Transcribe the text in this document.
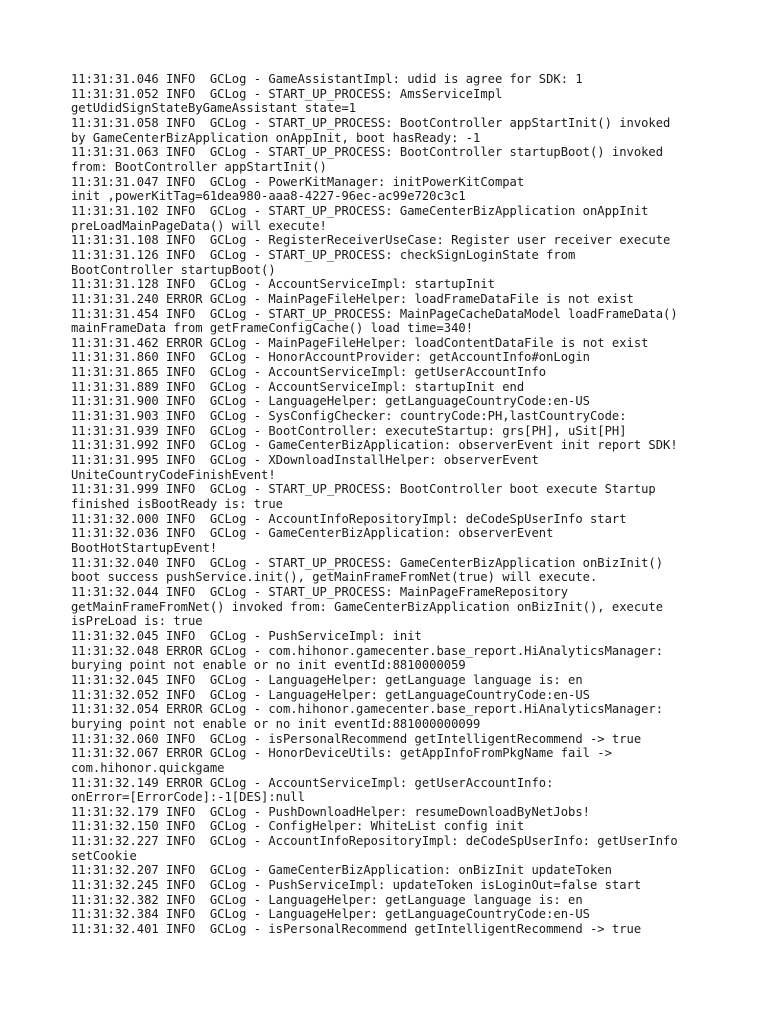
11:31:31.046 INFO  GCLog - GameAssistantImpl: udid is agree for SDK: 1
11:31:31.052 INFO  GCLog - START_UP_PROCESS: AmsServiceImpl
getUdidSignStateByGameAssistant state=1
11:31:31.058 INFO  GCLog - START_UP_PROCESS: BootController appStartInit() invoked
by GameCenterBizApplication onAppInit, boot hasReady: -1
11:31:31.063 INFO  GCLog - START_UP_PROCESS: BootController startupBoot() invoked
from: BootController appStartInit()
11:31:31.047 INFO  GCLog - PowerKitManager: initPowerKitCompat
init ,powerKitTag=61dea980-aaa8-4227-96ec-ac99e720c3c1
11:31:31.102 INFO  GCLog - START_UP_PROCESS: GameCenterBizApplication onAppInit
preLoadMainPageData() will execute!
11:31:31.108 INFO  GCLog - RegisterReceiverUseCase: Register user receiver execute
11:31:31.126 INFO  GCLog - START_UP_PROCESS: checkSignLoginState from
BootController startupBoot()
11:31:31.128 INFO  GCLog - AccountServiceImpl: startupInit
11:31:31.240 ERROR GCLog - MainPageFileHelper: loadFrameDataFile is not exist
11:31:31.454 INFO  GCLog - START_UP_PROCESS: MainPageCacheDataModel loadFrameData()
mainFrameData from getFrameConfigCache() load time=340!
11:31:31.462 ERROR GCLog - MainPageFileHelper: loadContentDataFile is not exist
11:31:31.860 INFO  GCLog - HonorAccountProvider: getAccountInfo#onLogin
11:31:31.865 INFO  GCLog - AccountServiceImpl: getUserAccountInfo
11:31:31.889 INFO  GCLog - AccountServiceImpl: startupInit end
11:31:31.900 INFO  GCLog - LanguageHelper: getLanguageCountryCode:en-US
11:31:31.903 INFO  GCLog - SysConfigChecker: countryCode:PH,lastCountryCode:
11:31:31.939 INFO  GCLog - BootController: executeStartup: grs[PH], uSit[PH]
11:31:31.992 INFO  GCLog - GameCenterBizApplication: observerEvent init report SDK!
11:31:31.995 INFO  GCLog - XDownloadInstallHelper: observerEvent
UniteCountryCodeFinishEvent!
11:31:31.999 INFO  GCLog - START_UP_PROCESS: BootController boot execute Startup
finished isBootReady is: true
11:31:32.000 INFO  GCLog - AccountInfoRepositoryImpl: deCodeSpUserInfo start
11:31:32.036 INFO  GCLog - GameCenterBizApplication: observerEvent
BootHotStartupEvent!
11:31:32.040 INFO  GCLog - START_UP_PROCESS: GameCenterBizApplication onBizInit()
boot success pushService.init(), getMainFrameFromNet(true) will execute.
11:31:32.044 INFO  GCLog - START_UP_PROCESS: MainPageFrameRepository
getMainFrameFromNet() invoked from: GameCenterBizApplication onBizInit(), execute
isPreLoad is: true
11:31:32.045 INFO  GCLog - PushServiceImpl: init
11:31:32.048 ERROR GCLog - com.hihonor.gamecenter.base_report.HiAnalyticsManager:
burying point not enable or no init eventId:8810000059
11:31:32.045 INFO  GCLog - LanguageHelper: getLanguage language is: en
11:31:32.052 INFO  GCLog - LanguageHelper: getLanguageCountryCode:en-US
11:31:32.054 ERROR GCLog - com.hihonor.gamecenter.base_report.HiAnalyticsManager:
burying point not enable or no init eventId:881000000099
11:31:32.060 INFO  GCLog - isPersonalRecommend getIntelligentRecommend -> true
11:31:32.067 ERROR GCLog - HonorDeviceUtils: getAppInfoFromPkgName fail ->
com.hihonor.quickgame
11:31:32.149 ERROR GCLog - AccountServiceImpl: getUserAccountInfo:
onError=[ErrorCode]:-1[DES]:null
11:31:32.179 INFO  GCLog - PushDownloadHelper: resumeDownloadByNetJobs!
11:31:32.150 INFO  GCLog - ConfigHelper: WhiteList config init
11:31:32.227 INFO  GCLog - AccountInfoRepositoryImpl: deCodeSpUserInfo: getUserInfo
setCookie
11:31:32.207 INFO  GCLog - GameCenterBizApplication: onBizInit updateToken
11:31:32.245 INFO  GCLog - PushServiceImpl: updateToken isLoginOut=false start
11:31:32.382 INFO  GCLog - LanguageHelper: getLanguage language is: en
11:31:32.384 INFO  GCLog - LanguageHelper: getLanguageCountryCode:en-US
11:31:32.401 INFO  GCLog - isPersonalRecommend getIntelligentRecommend -> true
